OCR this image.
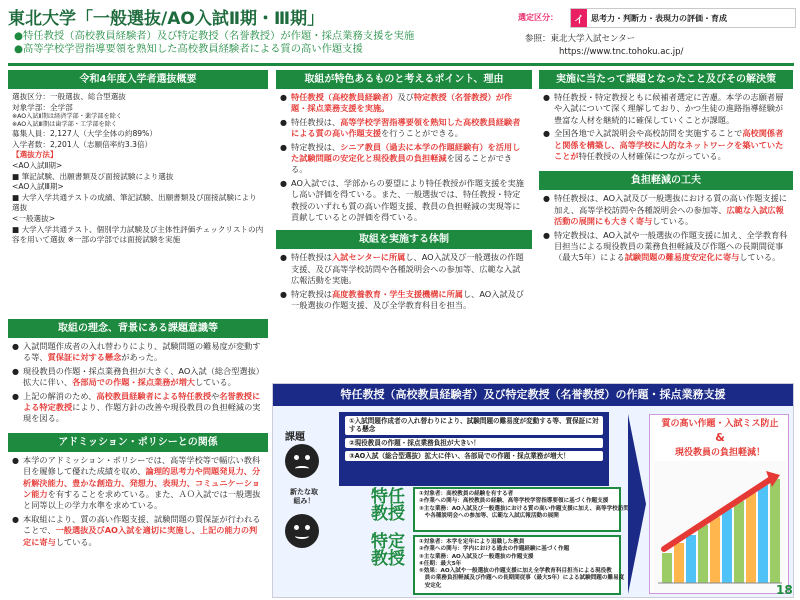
東北大学「一般選抜/AO入試Ⅱ期・Ⅲ期」	選定区分：	イ 思考力・判断力・表現力の評価・育成
●特任教授（高校教員経験者）及び特定教授（名誉教授）が作題・採点業務支援を実施
●高等学校学習指導要領を熟知した高校教員経験者による質の高い作題支援
参照：東北大学入試センター
https://www.tnc.tohoku.ac.jp/
令和4年度入学者選抜概要

選抜区分：一般選抜、総合型選抜

対象学部：全学部

※AO入試Ⅱ期は経済学部・薬学部を除く

※AO入試Ⅲ期は歯学部・工学部を除く

募集人員：2,127人（大学全体の約89%）

入学者数：2,201人（志願倍率約3.3倍）

【選抜方法】

<AO入試Ⅱ期>

■ 筆記試験、出願書類及び面接試験により選抜

<AO入試Ⅲ期>

■ 大学入学共通テストの成績、筆記試験、出願書類及び面接試験により選抜

<一般選抜>

■ 大学入学共通テスト、個別学力試験及び主体性評価チェックリストの内容を用いて選抜 ※一部の学部では面接試験を実施

取組の理念、背景にある課題意識等
● 入試問題作成者の入れ替わりにより、試験問題の難易度が変動する等、質保証に対する懸念があった。
● 現役教員の作題・採点業務負担が大きく、AO入試（総合型選抜）拡大に伴い、各部局での作題・採点業務が増大している。
● 上記の解消のため、高校教員経験者による特任教授や名誉教授による特定教授により、作題方針の改善や現役教員の負担軽減の実現を図る。
アドミッション・ポリシーとの関係
● 本学のアドミッション・ポリシーでは、高等学校等で幅広い教科目を履修して優れた成績を収め、論理的思考力や問題発見力、分析解決能力、豊かな創造力、発想力、表現力、コミュニケーション能力を有することを求めている。また、ＡＯ入試では一般選抜と同等以上の学力水準を求めている。
● 本取組により、質の高い作題支援、試験問題の質保証が行われることで、一般選抜及びAO入試を適切に実施し、上記の能力の判定に寄与している。
取組が特色あるものと考えるポイント、理由
● 特任教授（高校教員経験者）及び特定教授（名誉教授）が作題・採点業務支援を実施。
● 特任教授は、高等学校学習指導要領を熟知した高校教員経験者による質の高い作題支援を行うことができる。
● 特定教授は、シニア教員（過去に本学の作題経験有）を活用した試験問題の安定化と現役教員の負担軽減を図ることができる。
● AO入試では、学部からの要望により特任教授が作題支援を実施し高い評価を得ている。また、一般選抜では、特任教授・特定教授のいずれも質の高い作題支援、教員の負担軽減の実現等に貢献しているとの評価を得ている。
取組を実施する体制
● 特任教授は入試センターに所属し、AO入試及び一般選抜の作題支援、及び高等学校訪問や各種説明会への参加等、広範な入試広報活動を実施。
● 特定教授は高度教養教育・学生支援機構に所属し、AO入試及び一般選抜の作題支援、及び全学教育科目を担当。
実施に当たって課題となったこと及びその解決策
● 特任教授・特定教授ともに候補者選定に苦慮。本学の志願者層や入試について深く理解しており、かつ生徒の進路指導経験が豊富な人材を継続的に確保していくことが課題。
● 全国各地で入試説明会や高校訪問を実施することで高校関係者と関係を構築し、高等学校に人的なネットワークを築いていたことが特任教授の人材確保につながっている。
負担軽減の工夫
● 特任教授は、AO入試及び一般選抜における質の高い作題支援に加え、高等学校訪問や各種説明会への参加等、広範な入試広報活動の展開にも大きく寄与している。
● 特定教授は、AO入試や一般選抜の作題支援に加え、全学教育科目担当による現役教員の業務負担軽減及び作題への長期間従事（最大5年）による試験問題の難易度安定化に寄与している。
特任教授（高校教員経験者）及び特定教授（名誉教授）の作題・採点業務支援
課題
①入試問題作成者の入れ替わりにより、試験問題の難易度が変動する等、質保証に対する懸念
②現役教員の作題・採点業務負担が大きい！
③AO入試（総合型選抜）拡大に伴い、各部局での作題・採点業務が増大！
新たな取組み！	特任教授
特定教授
①対象者：高校教員の経験を有する者
②作業への関与：高校教員の経験、高等学校学習指導要領に基づく作題支援
③主な業務：AO入試及び一般選抜における質の高い作題支援に加え、高等学校訪問
　や各種説明会への参加等、広範な入試広報活動の展開
①対象者：本学を定年により退職した教員
②作業への関与：学内における過去の作題経験に基づく作題
③主な業務：AO入試及び一般選抜の作題支援
④任期：最大5年
⑤効果：AO入試や一般選抜の作題支援に加え全学教育科目担当による現役教
　員の業務負担軽減及び作題への長期間従事（最大5年）による試験問題の難易度
　安定化
質の高い作題・入試ミス防止
&
現役教員の負担軽減！
18
